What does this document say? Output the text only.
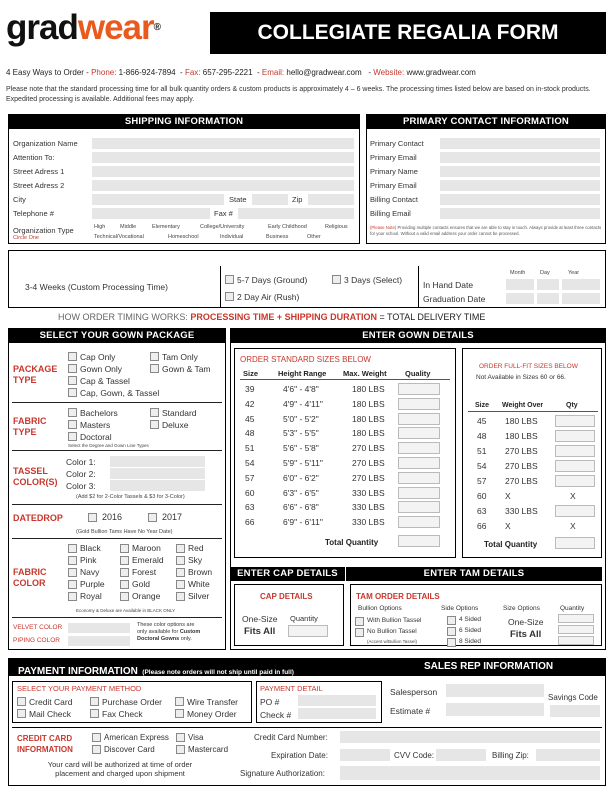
gradwear®	COLLEGIATE REGALIA FORM
4 Easy Ways to Order - Phone: 1-866-924-7894  - Fax: 657-295-2221  - Email: hello@gradwear.com   - Website: www.gradwear.com
Please note that the standard processing time for all bulk quantity orders & custom products is approximately 4 – 6 weeks. The processing times listed below are based on in-stock products. Expedited processing is available. Additional fees may apply.
SHIPPING INFORMATION
Organization Name
Attention To:
Street Adress 1
Street Adress 2
City	State	Zip
Telephone #	Fax #
Organization Type
Circle One
High	Middle	Elementary	College/University	Early Childhood	Religious
Technical/Vocational	Homeschool	Individual	Business	Other
PRIMARY CONTACT INFORMATION
Primary Contact
Primary Email
Primary Name
Primary Email
Billing Contact
Billing Email
(Please Note) Providing multiple contacts ensures that we are able to stay in touch. Always provide at least three contacts for your school. Without a valid email address your order cannot be processed.
SELECT PROCESSING TIME*	SELECT SHIPPING METHOD	ENTER REQUIRED DATES
3-4 Weeks (Custom Processing Time)
5-7 Days (Ground)	3 Days (Select)
2 Day Air (Rush)
Month	Day	Year
In Hand Date
Graduation Date
HOW ORDER TIMING WORKS: PROCESSING TIME + SHIPPING DURATION = TOTAL DELIVERY TIME
SELECT YOUR GOWN PACKAGE
PACKAGE
TYPE
Cap Only	Tam Only
Gown Only	Gown & Tam
Cap & Tassel
Cap, Gown, & Tassel
FABRIC
TYPE
Bachelors	Standard
Masters	Deluxe
Doctoral
Select the Degree and Gown Line Types
TASSEL
COLOR(S)
Color 1:
Color 2:
Color 3:
(Add $2 for 2-Color Tassels & $3 for 3-Color)
DATEDROP	2016	2017
(Gold Bullion Tams Have No Year Date)
FABRIC
COLOR
Economy & Deluxe are Available in BLACK ONLY
VELVET COLOR
PIPING COLOR
These color options are
only available for Custom
Doctoral Gowns only.
ENTER GOWN DETAILS
ORDER STANDARD SIZES BELOW
Size	Height Range Max. Weight Quality
Total Quantity
ORDER FULL-FIT SIZES BELOW
Not Available in Sizes 60 or 66.
Size Weight Over	Qty
Total Quantity
ENTER CAP DETAILS	ENTER TAM DETAILS
CAP DETAILS
One-Size
Fits All
Quantity
TAM ORDER DETAILS
Bullion Options	Side Options	Size Options	Quantity
With Bullion Tassel
No Bullion Tassel
(Accent w/Bullion Tassel)
4 Sided
6 Sided
8 Sided
One-Size
Fits All
PAYMENT INFORMATION (Please note orders will not ship until paid in full)
SALES REP INFORMATION
SELECT YOUR PAYMENT METHOD
Credit Card	Purchase Order	Wire Transfer
Mail Check	Fax Check	Money Order
PAYMENT DETAIL
PO #
Check #
Salesperson
Estimate #
Savings Code
CREDIT CARD
INFORMATION
American Express Visa
Discover Card	Mastercard
Your card will be authorized at time of order
placement and charged upon shipment
Credit Card Number:
Expiration Date:	CVV Code:	Billing Zip:
Signature Authorization:
Black	Maroon	Red
Pink	Emerald	Sky
Navy	Forest	Brown
Purple	Gold	White
Royal	Orange	Silver
39	4'6" - 4'8"	180 LBS
42	4'9" - 4'11"	180 LBS
45	5'0" - 5'2"	180 LBS
48	5'3" - 5'5"	180 LBS
51	5'6" - 5'8"	270 LBS
54	5'9" - 5'11"	270 LBS
57	6'0" - 6'2"	270 LBS
60	6'3" - 6'5"	330 LBS
63	6'6" - 6'8"	330 LBS
66	6'9" - 6'11"	330 LBS
45 180 LBS
48 180 LBS
51 270 LBS
54 270 LBS
57 270 LBS
60 X	X
63 330 LBS
66 X	X
